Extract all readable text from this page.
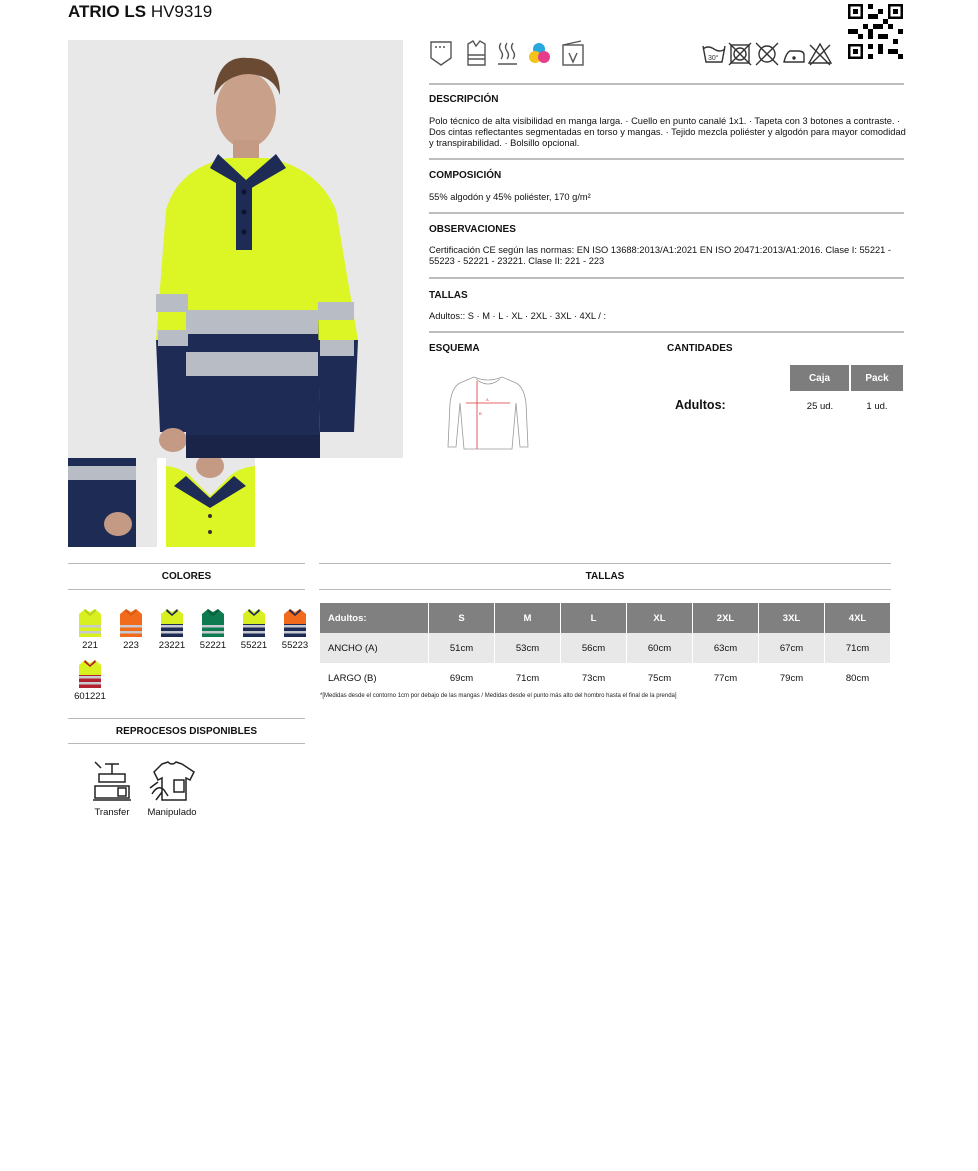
ATRIO LS HV9319
30°
DESCRIPCIÓN
Polo técnico de alta visibilidad en manga larga. · Cuello en punto canalé 1x1. · Tapeta con 3 botones a contraste. · Dos cintas reflectantes segmentadas en torso y mangas. · Tejido mezcla poliéster y algodón para mayor comodidad y transpirabilidad. · Bolsillo opcional.
COMPOSICIÓN
55% algodón y 45% poliéster, 170 g/m²
OBSERVACIONES
Certificación CE según las normas: EN ISO 13688:2013/A1:2021 EN ISO 20471:2013/A1:2016. Clase I: 55221 - 55223 - 52221 - 23221. Clase II: 221 - 223
TALLAS
Adultos:: S · M · L · XL · 2XL · 3XL · 4XL / :
ESQUEMA	CANTIDADES
A
B
Caja	Pack
Adultos:	25 ud.	1 ud.
COLORES
221	223	23221	52221	55221	55223
601221
REPROCESOS DISPONIBLES
Transfer	Manipulado
TALLAS
Adultos:	S	M	L	XL	2XL	3XL	4XL
ANCHO (A)	51cm	53cm	56cm	60cm	63cm	67cm	71cm
LARGO (B)	69cm	71cm	73cm	75cm	77cm	79cm	80cm
*[Medidas desde el contorno 1cm por debajo de las mangas / Medidas desde el punto más alto del hombro hasta el final de la prenda]
